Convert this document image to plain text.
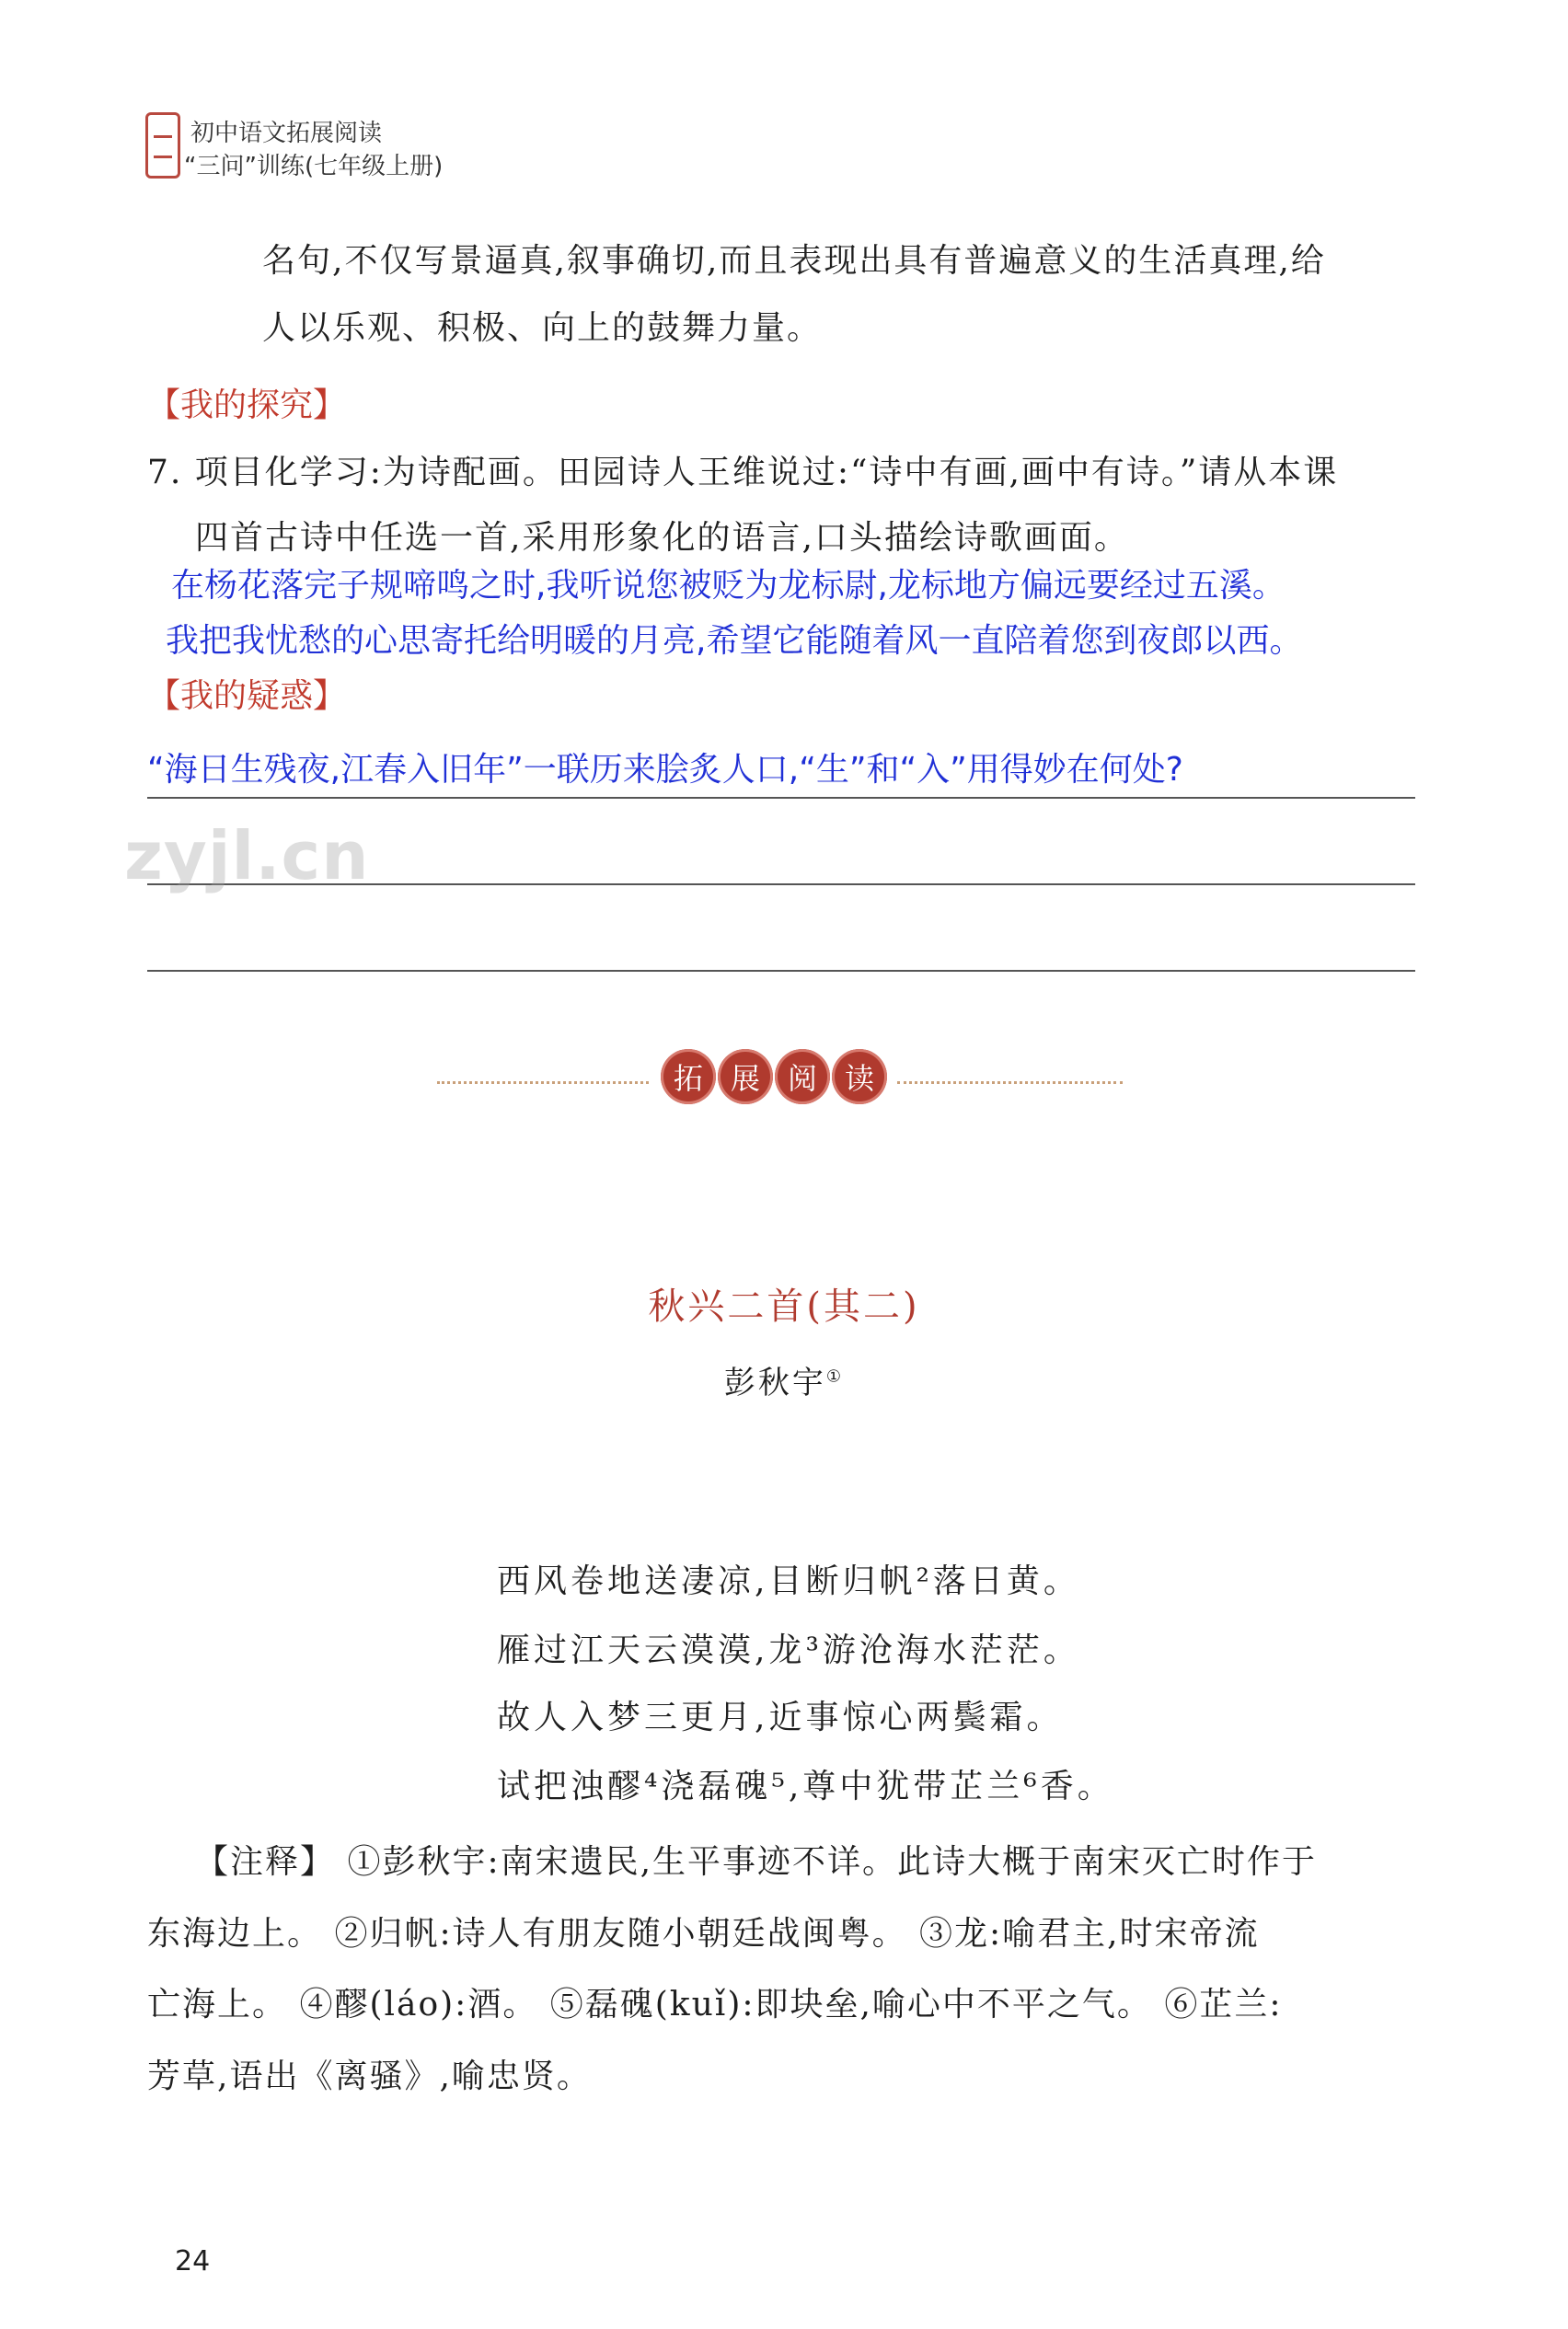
初中语文拓展阅读
“三问”训练(七年级上册)
名句,不仅写景逼真,叙事确切,而且表现出具有普遍意义的生活真理,给
人以乐观、积极、向上的鼓舞力量。
【我的探究】
7. 项目化学习:为诗配画。田园诗人王维说过:“诗中有画,画中有诗。”请从本课
四首古诗中任选一首,采用形象化的语言,口头描绘诗歌画面。
在杨花落完子规啼鸣之时,我听说您被贬为龙标尉,龙标地方偏远要经过五溪。
我把我忧愁的心思寄托给明暖的月亮,希望它能随着风一直陪着您到夜郎以西。
【我的疑惑】
“海日生残夜,江春入旧年”一联历来脍炙人口,“生”和“入”用得妙在何处?
zyjl.cn
拓 展 阅 读
秋兴二首(其二)
彭秋宇①
西风卷地送凄凉,目断归帆²落日黄。
雁过江天云漠漠,龙³游沧海水茫茫。
故人入梦三更月,近事惊心两鬓霜。
试把浊醪⁴浇磊磈⁵,尊中犹带芷兰⁶香。
【注释】 ①彭秋宇:南宋遗民,生平事迹不详。此诗大概于南宋灭亡时作于
东海边上。 ②归帆:诗人有朋友随小朝廷战闽粤。 ③龙:喻君主,时宋帝流
亡海上。 ④醪(láo):酒。 ⑤磊磈(kuǐ):即块垒,喻心中不平之气。 ⑥芷兰:
芳草,语出《离骚》,喻忠贤。
24
